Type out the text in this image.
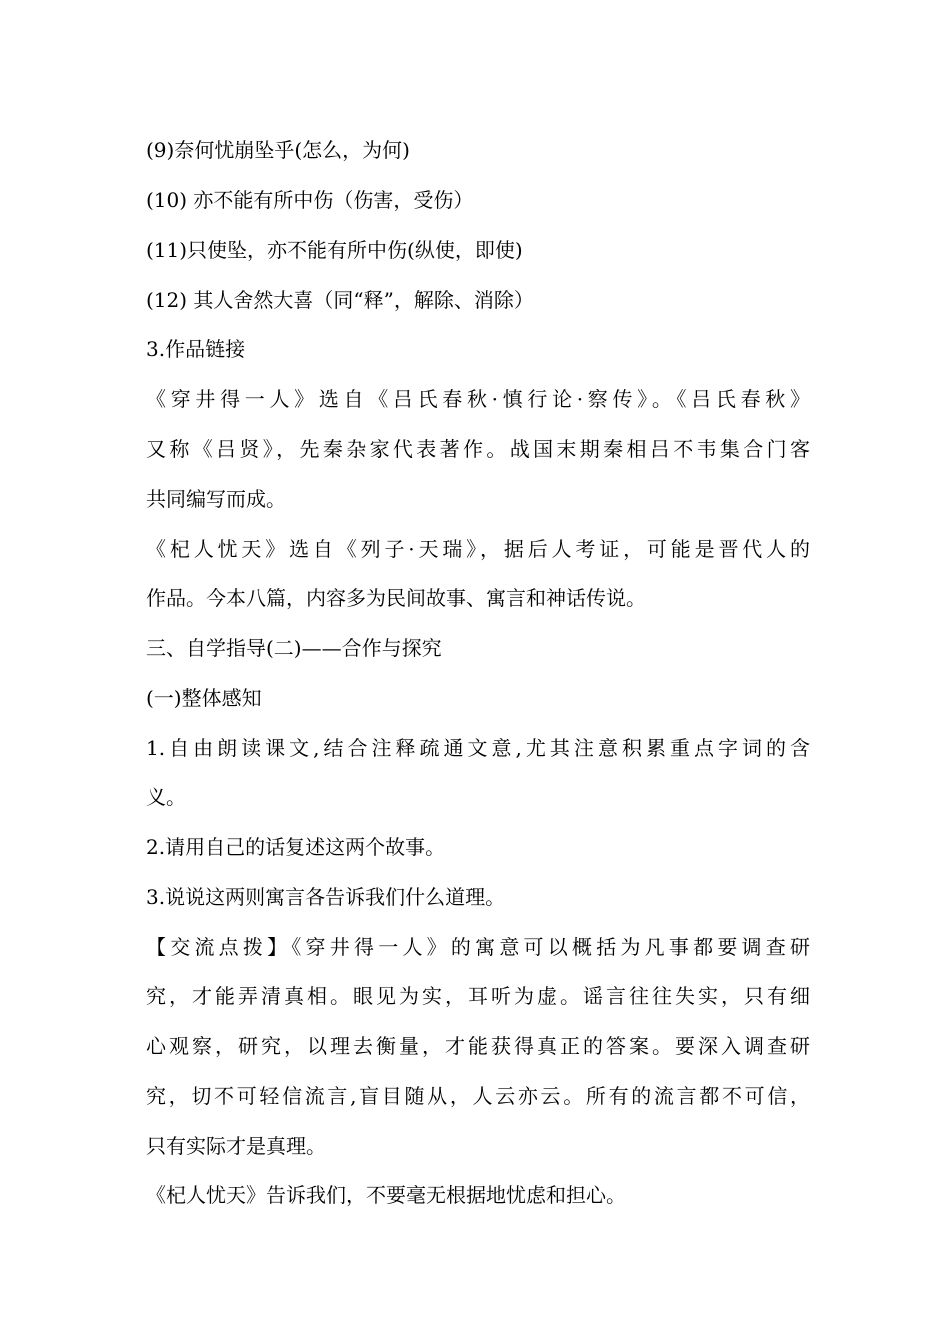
(9)奈何忧崩坠乎(怎么，为何)
(10) 亦不能有所中伤（伤害，受伤）
(11)只使坠，亦不能有所中伤(纵使，即使)
(12) 其人舍然大喜（同“释”，解除、消除）
3.作品链接
《穿井得一人》选自《吕氏春秋·慎行论·察传》。《吕氏春秋》
又称《吕贤》，先秦杂家代表著作。战国末期秦相吕不韦集合门客
共同编写而成。
《杞人忧天》选自《列子·天瑞》，据后人考证，可能是晋代人的
作品。今本八篇，内容多为民间故事、寓言和神话传说。
三、自学指导(二)——合作与探究
(一)整体感知
1.自由朗读课文,结合注释疏通文意,尤其注意积累重点字词的含
义。
2.请用自己的话复述这两个故事。
3.说说这两则寓言各告诉我们什么道理。
【交流点拨】《穿井得一人》的寓意可以概括为凡事都要调查研
究，才能弄清真相。眼见为实，耳听为虚。谣言往往失实，只有细
心观察，研究，以理去衡量，才能获得真正的答案。要深入调查研
究，切不可轻信流言,盲目随从，人云亦云。所有的流言都不可信，
只有实际才是真理。
《杞人忧天》告诉我们，不要毫无根据地忧虑和担心。
